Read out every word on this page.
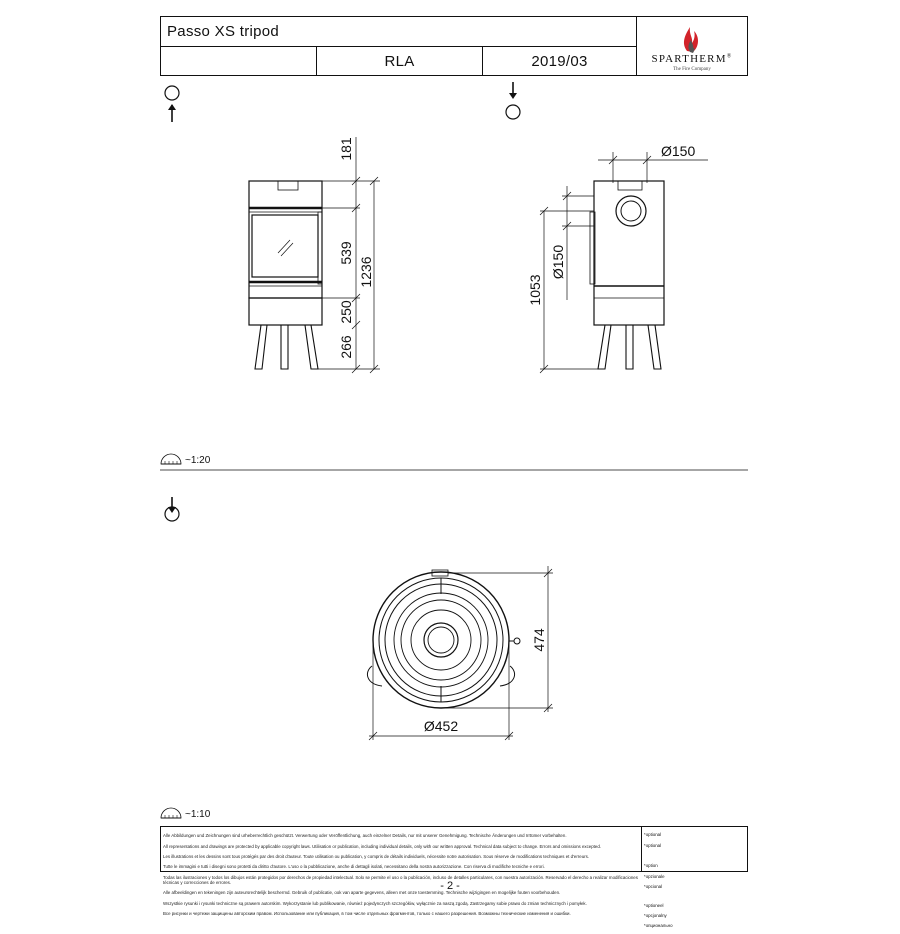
Passo XS tripod
RLA	2019/03	SPARTHERM®
The Fire Company
181
539
1236
250
266
Ø150
Ø150
1053
474
Ø452
~1:20
~1:10

Alle Abbildungen und Zeichnungen sind urheberrechtlich geschützt. Verwertung oder Veröffentlichung, auch einzelner Details, nur mit unserer Genehmigung. Technische Änderungen und Irrtümer vorbehalten.

All representations and drawings are protected by applicable copyright laws. Utilisation or publication, including individual details, only with our written approval. Technical data subject to change. Errors and omissions excepted.

Les illustrations et les dessins sont tous protégés par des droit d'auteur. Toute utilisation ou publication, y compris de détails individuels, nécessite notre autorisation. Sous réserve de modifications techniques et d'erreurs.

Tutte le immagini e tutti i disegni sono protetti da diritto d'autore. L'uso o la pubblicazione, anche di dettagli isolati, necessitano della nostra autorizzazione. Con riserva di modifiche tecniche e errori.

Todas las ilustraciones y todos los dibujos están protegidos por derechos de propiedad intelectual. Solo se permite el uso o la publicación, incluso de detalles particulares, con nuestra autorización. Reservado el derecho a realizar modificaciones técnicas y correcciones de errores.

Alle afbeeldingen en tekeningen zijn auteursrechtelijk beschermd. Gebruik of publicatie, ook van aparte gegevens, alleen met onze toestemming. Technische wijzigingen en mogelijke fouten voorbehouden.

Wszystkie rysunki i rysunki techniczne są prawem autorskim. Wykorzystanie lub publikowanie, również pojedynczych szczegółów, wyłącznie za naszą zgodą. Zastrzegamy sobie prawo do zmian technicznych i pomyłek.

Все рисунки и чертежи защищены авторским правом. Использование или публикация, в том числе отдельных фрагментов, только с нашего разрешения. Возможны технические изменения и ошибки.

*optional

*optional

*option

*opzionale

*opcional

*optioneel

*opcjonalny

*опционально

- 2 -
